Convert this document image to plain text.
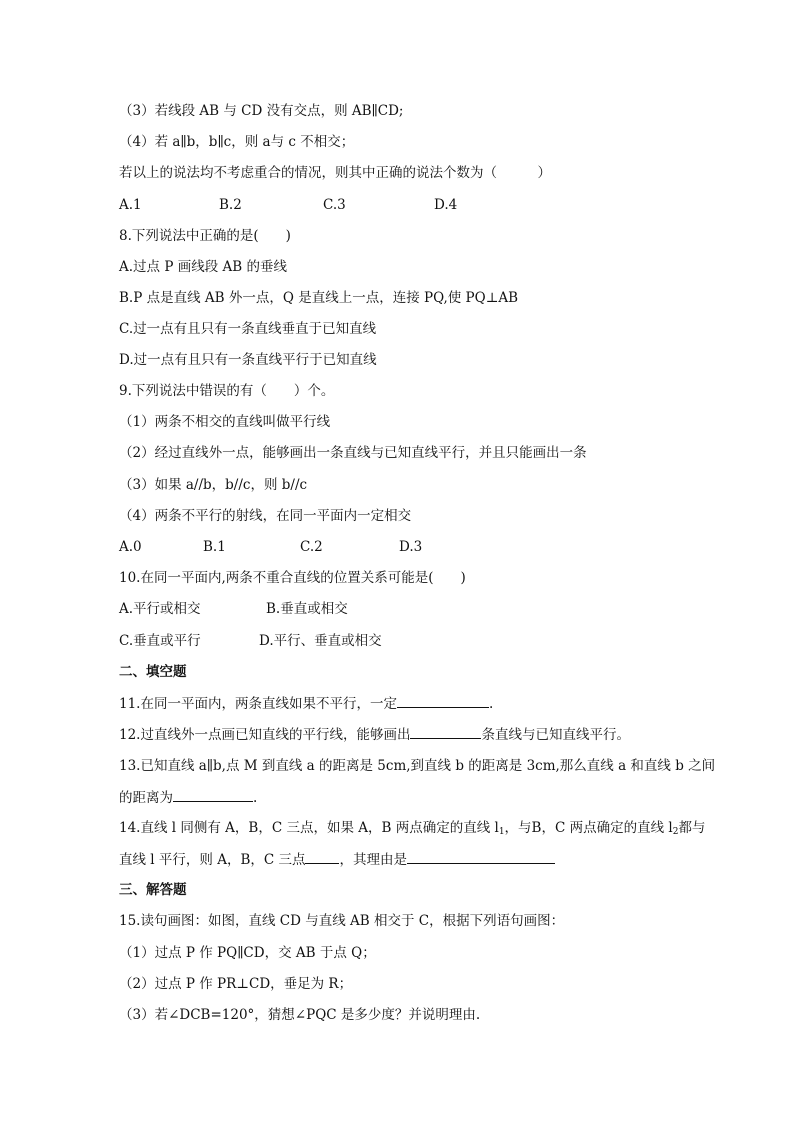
（3）若线段 AB 与 CD 没有交点，则 AB∥CD;
（4）若 a∥b，b∥c，则 a与 c 不相交；
若以上的说法均不考虑重合的情况，则其中正确的说法个数为（　　　）
A.1	B.2	C.3	D.4
8.下列说法中正确的是(　　)
A.过点 P 画线段 AB 的垂线
B.P 点是直线 AB 外一点，Q 是直线上一点，连接 PQ,使 PQ⊥AB
C.过一点有且只有一条直线垂直于已知直线
D.过一点有且只有一条直线平行于已知直线
9.下列说法中错误的有（　　）个。
（1）两条不相交的直线叫做平行线
（2）经过直线外一点，能够画出一条直线与已知直线平行，并且只能画出一条
（3）如果 a//b，b//c，则 b//c
（4）两条不平行的射线，在同一平面内一定相交
A.0	B.1	C.2	D.3
10.在同一平面内,两条不重合直线的位置关系可能是(　　)
A.平行或相交	B.垂直或相交
C.垂直或平行	D.平行、垂直或相交
二、填空题
11.在同一平面内，两条直线如果不平行，一定	.
12.过直线外一点画已知直线的平行线，能够画出	条直线与已知直线平行。
13.已知直线 a∥b,点 M 到直线 a 的距离是 5cm,到直线 b 的距离是 3cm,那么直线 a 和直线 b 之间
的距离为	.
14.直线 l 同侧有 A，B，C 三点，如果 A，B 两点确定的直线 $l_1$，与B，C 两点确定的直线 $l_2$都与
直线 l 平行，则 A，B，C 三点	，其理由是
三、解答题
15.读句画图：如图，直线 CD 与直线 AB 相交于 C，根据下列语句画图：
（1）过点 P 作 PQ∥CD，交 AB 于点 Q；
（2）过点 P 作 PR⊥CD，垂足为 R；
（3）若∠DCB=120°，猜想∠PQC 是多少度？并说明理由.
